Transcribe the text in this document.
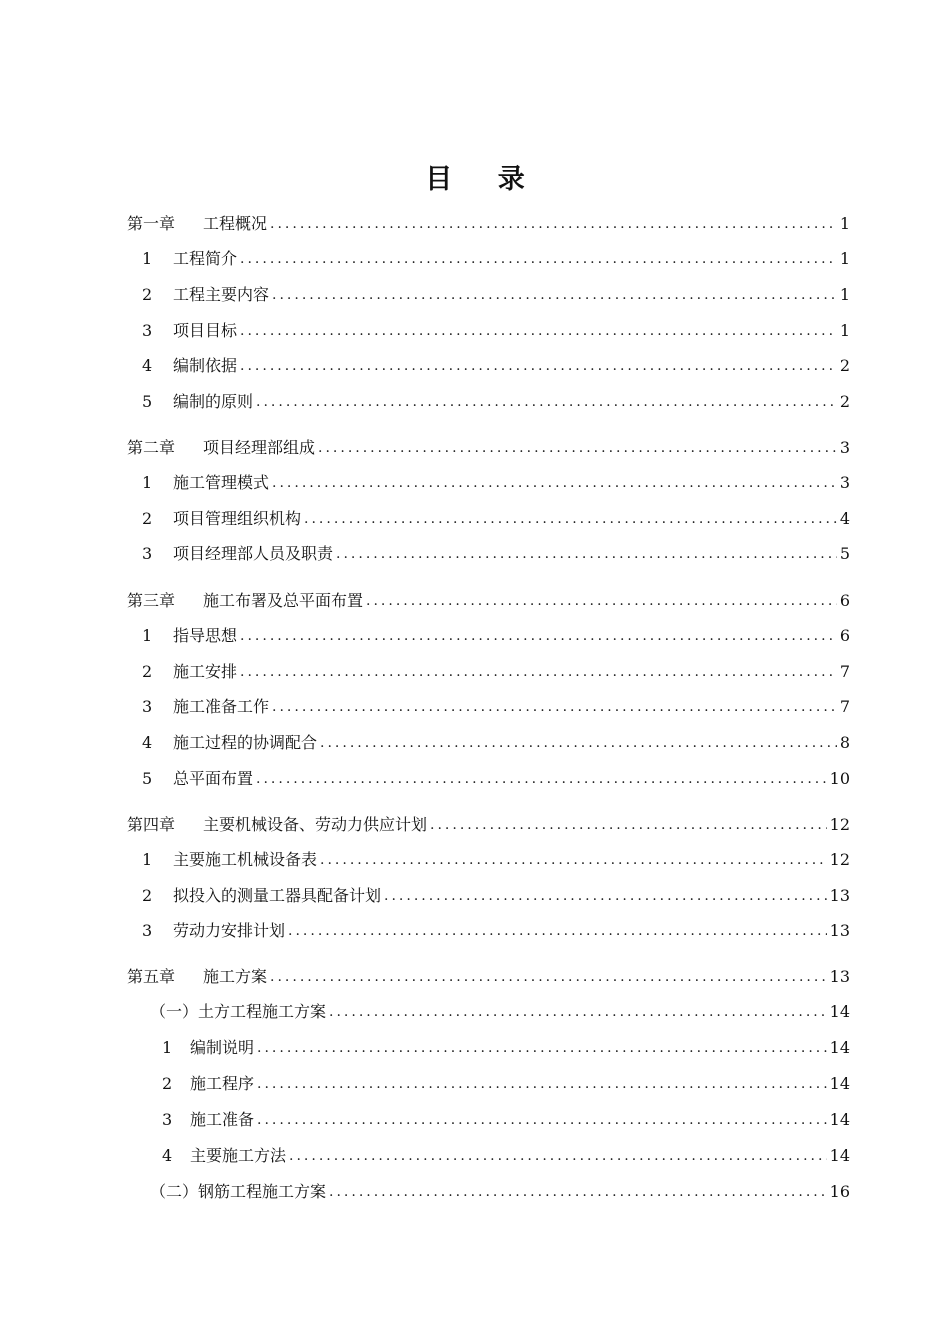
目 录
第一章	工程概况 .....	1
1	工程简介 .....	1
2	工程主要内容 .....	1
3	项目目标 .....	1
4	编制依据 .....	2
5	编制的原则 .....	2
第二章	项目经理部组成 .....	3
1	施工管理模式 .....	3
2	项目管理组织机构 .....	4
3	项目经理部人员及职责 .....	5
第三章	施工布署及总平面布置 .....	6
1	指导思想 .....	6
2	施工安排 .....	7
3	施工准备工作 .....	7
4	施工过程的协调配合 .....	8
5	总平面布置 .....	10
第四章	主要机械设备、劳动力供应计划 .....	12
1	主要施工机械设备表 .....	12
2	拟投入的测量工器具配备计划 .....	13
3	劳动力安排计划 .....	13
第五章	施工方案 .....	13
（一）土方工程施工方案 .....	14
1	编制说明 .....	14
2	施工程序 .....	14
3	施工准备 .....	14
4	主要施工方法 .....	14
（二）钢筋工程施工方案 .....	16
